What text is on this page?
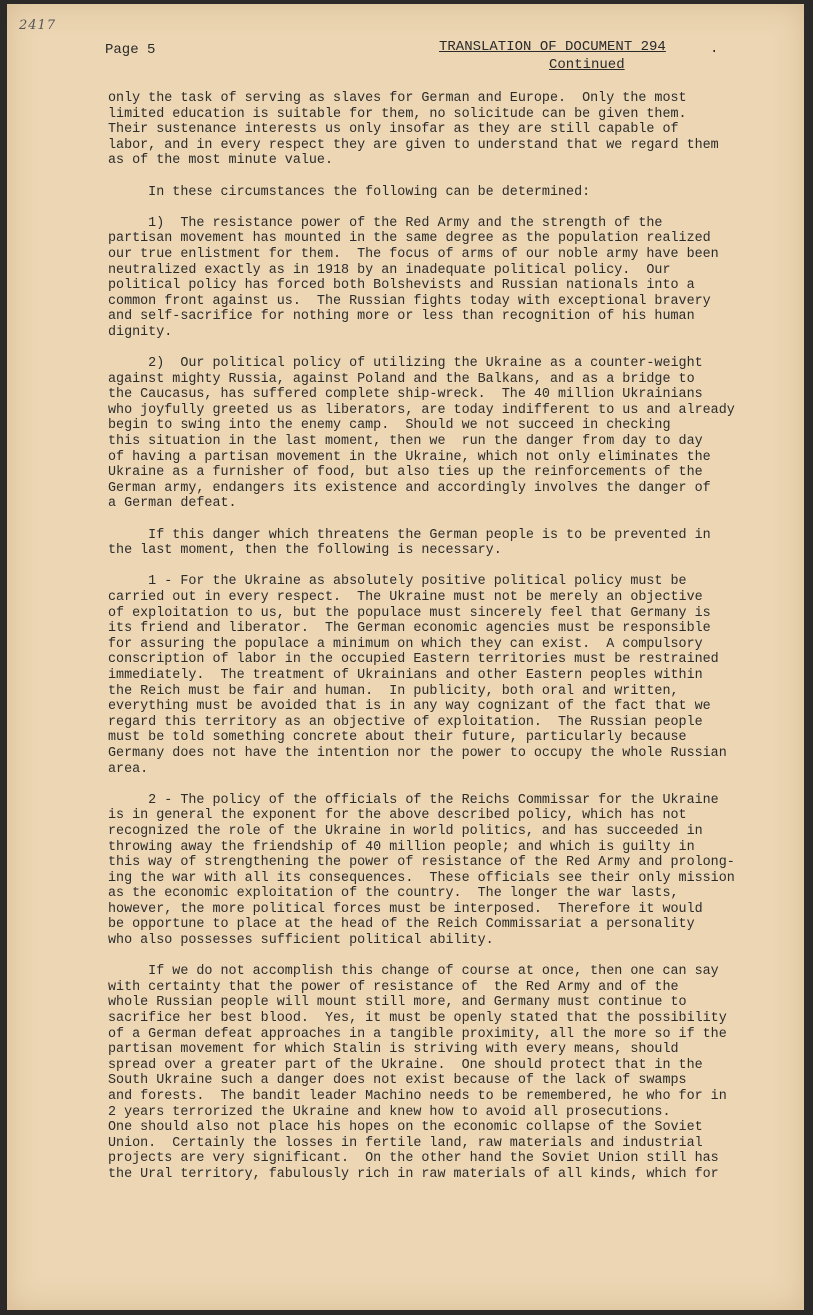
2417
Page 5	TRANSLATION OF DOCUMENT 294	·
Continued

only the task of serving as slaves for German and Europe.  Only the most

limited education is suitable for them, no solicitude can be given them.

Their sustenance interests us only insofar as they are still capable of

labor, and in every respect they are given to understand that we regard them

as of the most minute value.

In these circumstances the following can be determined:

1)  The resistance power of the Red Army and the strength of the

partisan movement has mounted in the same degree as the population realized

our true enlistment for them.  The focus of arms of our noble army have been

neutralized exactly as in 1918 by an inadequate political policy.  Our

political policy has forced both Bolshevists and Russian nationals into a

common front against us.  The Russian fights today with exceptional bravery

and self-sacrifice for nothing more or less than recognition of his human

dignity.

2)  Our political policy of utilizing the Ukraine as a counter-weight

against mighty Russia, against Poland and the Balkans, and as a bridge to

the Caucasus, has suffered complete ship-wreck.  The 40 million Ukrainians

who joyfully greeted us as liberators, are today indifferent to us and already

begin to swing into the enemy camp.  Should we not succeed in checking

this situation in the last moment, then we  run the danger from day to day

of having a partisan movement in the Ukraine, which not only eliminates the

Ukraine as a furnisher of food, but also ties up the reinforcements of the

German army, endangers its existence and accordingly involves the danger of

a German defeat.

If this danger which threatens the German people is to be prevented in

the last moment, then the following is necessary.

1 - For the Ukraine as absolutely positive political policy must be

carried out in every respect.  The Ukraine must not be merely an objective

of exploitation to us, but the populace must sincerely feel that Germany is

its friend and liberator.  The German economic agencies must be responsible

for assuring the populace a minimum on which they can exist.  A compulsory

conscription of labor in the occupied Eastern territories must be restrained

immediately.  The treatment of Ukrainians and other Eastern peoples within

the Reich must be fair and human.  In publicity, both oral and written,

everything must be avoided that is in any way cognizant of the fact that we

regard this territory as an objective of exploitation.  The Russian people

must be told something concrete about their future, particularly because

Germany does not have the intention nor the power to occupy the whole Russian

area.

2 - The policy of the officials of the Reichs Commissar for the Ukraine

is in general the exponent for the above described policy, which has not

recognized the role of the Ukraine in world politics, and has succeeded in

throwing away the friendship of 40 million people; and which is guilty in

this way of strengthening the power of resistance of the Red Army and prolong-

ing the war with all its consequences.  These officials see their only mission

as the economic exploitation of the country.  The longer the war lasts,

however, the more political forces must be interposed.  Therefore it would

be opportune to place at the head of the Reich Commissariat a personality

who also possesses sufficient political ability.

If we do not accomplish this change of course at once, then one can say

with certainty that the power of resistance of  the Red Army and of the

whole Russian people will mount still more, and Germany must continue to

sacrifice her best blood.  Yes, it must be openly stated that the possibility

of a German defeat approaches in a tangible proximity, all the more so if the

partisan movement for which Stalin is striving with every means, should

spread over a greater part of the Ukraine.  One should protect that in the

South Ukraine such a danger does not exist because of the lack of swamps

and forests.  The bandit leader Machino needs to be remembered, he who for in

2 years terrorized the Ukraine and knew how to avoid all prosecutions.

One should also not place his hopes on the economic collapse of the Soviet

Union.  Certainly the losses in fertile land, raw materials and industrial

projects are very significant.  On the other hand the Soviet Union still has

the Ural territory, fabulously rich in raw materials of all kinds, which for
